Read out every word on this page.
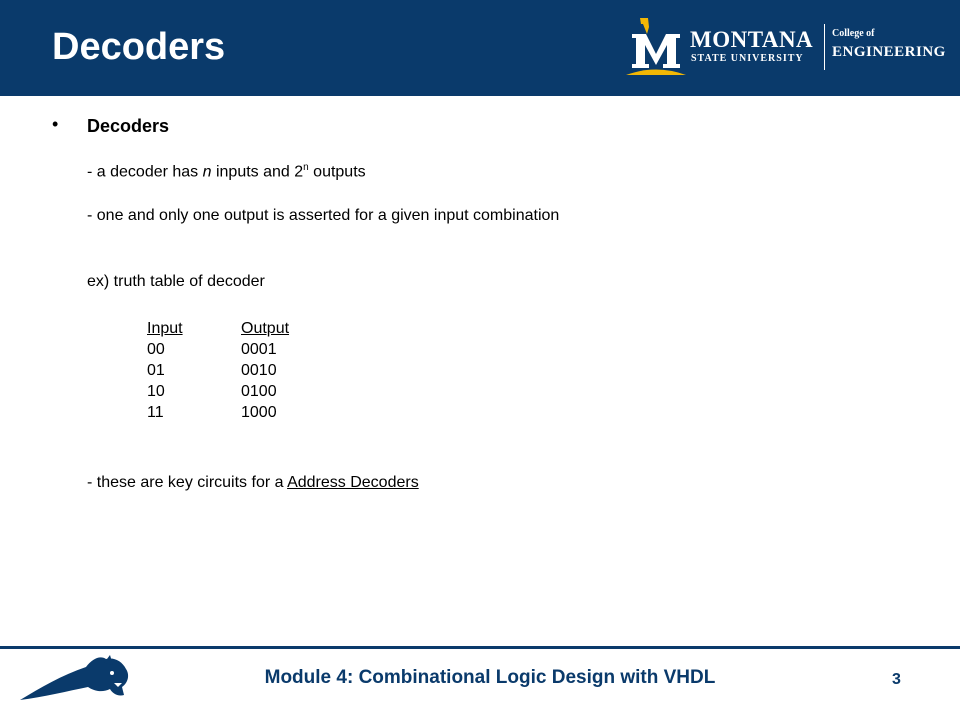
Decoders	MONTANA
STATE UNIVERSITY
College of
ENGINEERING
• Decoders
- a decoder has n inputs and 2$^n$ outputs
- one and only one output is asserted for a given input combination
ex) truth table of decoder
Input	Output
00	0001
01	0010
10	0100
11	1000
- these are key circuits for a Address Decoders
Module 4: Combinational Logic Design with VHDL	3
